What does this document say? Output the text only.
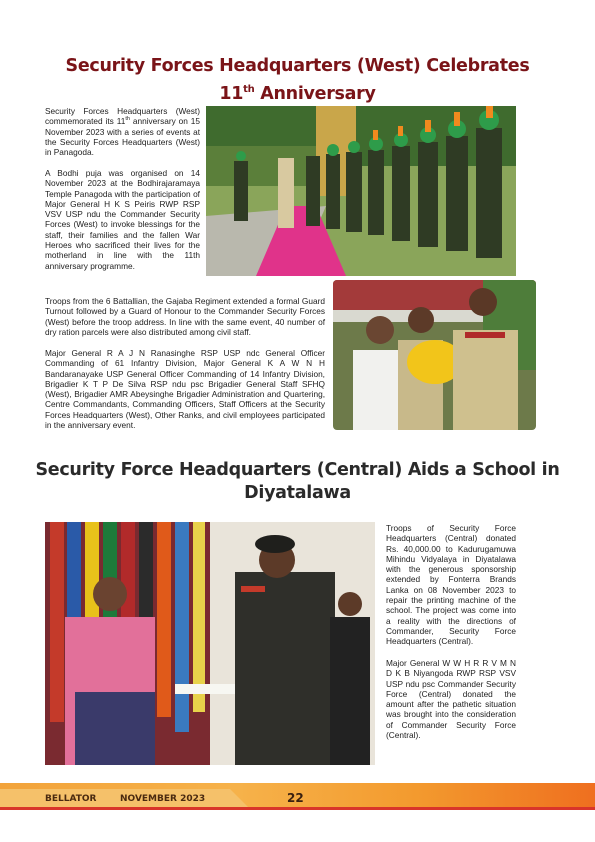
Security Forces Headquarters (West) Celebrates
11th Anniversary

Security Forces Headquarters (West) commemorated its 11th anniversary on 15 November 2023 with a series of events at the Security Forces Headquarters (West) in Panagoda.

A Bodhi puja was organised on 14 November 2023 at the Bodhirajaramaya Temple Panagoda with the participation of Major General H K S Peiris RWP RSP VSV USP ndu the Commander Security Forces (West) to invoke blessings for the staff, their families and the fallen War Heroes who sacrificed their lives for the motherland in line with the 11th anniversary programme.

Troops from the 6 Battallian, the Gajaba Regiment extended a formal Guard Turnout followed by a Guard of Honour to the Commander Security Forces (West) before the troop address. In line with the same event, 40 number of dry ration parcels were also distributed among civil staff.

Major General R A J N Ranasinghe RSP USP ndc General Officer Commanding of 61 Infantry Division, Major General K A W N H Bandaranayake USP General Officer Commanding of 14 Infantry Division, Brigadier K T P De Silva RSP ndu psc Brigadier General Staff SFHQ (West), Brigadier AMR Abeysinghe Brigadier Administration and Quartering, Centre Commandants, Commanding Officers, Staff Officers at the Security Forces Headquarters (West), Other Ranks, and civil employees participated in the anniversary event.

Security Force Headquarters (Central) Aids a School in Diyatalawa

Troops of Security Force Headquarters (Central) donated Rs. 40,000.00 to Kadurugamuwa Mihindu Vidyalaya in Diyatalawa with the generous sponsorship extended by Fonterra Brands Lanka on 08 November 2023 to repair the printing machine of the school. The project was come into a reality with the directions of Commander, Security Force Headquarters (Central).

Major General W W H R R V M N D K B Niyangoda RWP RSP VSV USP ndu psc Commander Security Force (Central) donated the amount after the pathetic situation was brought into the consideration of Commander Security Force (Central).

BELLATOR	NOVEMBER 2023	22
